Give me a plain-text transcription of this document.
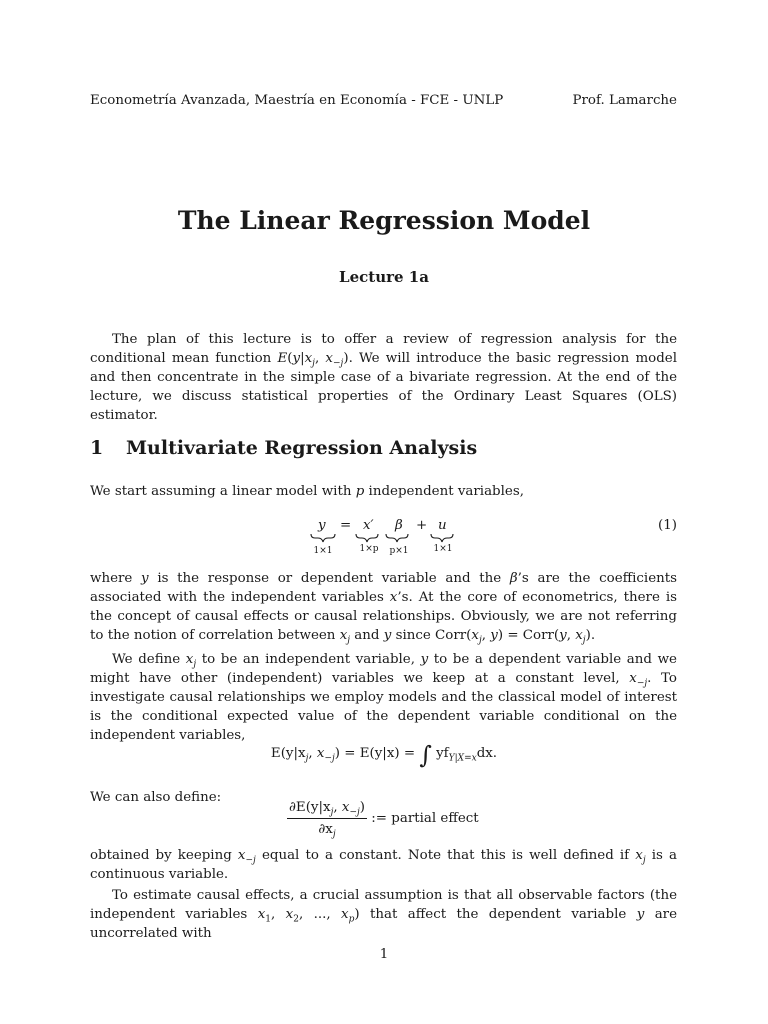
Econometría Avanzada, Maestría en Economía - FCE - UNLP	Prof. Lamarche
The Linear Regression Model
Lecture 1a

The plan of this lecture is to offer a review of regression analysis for the conditional mean function $E(y|x_j$, $x_{-j}$). We will introduce the basic regression model and then concentrate in the simple case of a bivariate regression. At the end of the lecture, we discuss statistical properties of the Ordinary Least Squares (OLS) estimator.

1 Multivariate Regression Analysis

We start assuming a linear model with p independent variables,

y	x′ β	u
=	+
1×1	1×p p×1	1×1
(1)

where y is the response or dependent variable and the β’s are the coefficients associated with the independent variables x’s. At the core of econometrics, there is the concept of causal effects or causal relationships. Obviously, we are not referring to the notion of correlation between $x_j$ and y since $Corr(x_j$, y) = Corr(y, $x_j$).

We define $x_j$ to be an independent variable, y to be a dependent variable and we might have other (independent) variables we keep at a constant level, $x_{-j}$. To investigate causal relationships we employ models and the classical model of interest is the conditional expected value of the dependent variable conditional on the independent variables,

$E(y|x_j$, $x_{-j}) = E(y|x)$ = ∫ $yf_{Y|X=x}dx$.

We can also define:

$\frac{\partial E(y|x_j, x_{-j})}{\partial x_j}$ := partial effect

obtained by keeping $x_{-j}$ equal to a constant. Note that this is well defined if $x_j$ is a continuous variable.

To estimate causal effects, a crucial assumption is that all observable factors (the independent variables $x_1$, $x_2$, ..., $x_p$) that affect the dependent variable y are uncorrelated with

1
